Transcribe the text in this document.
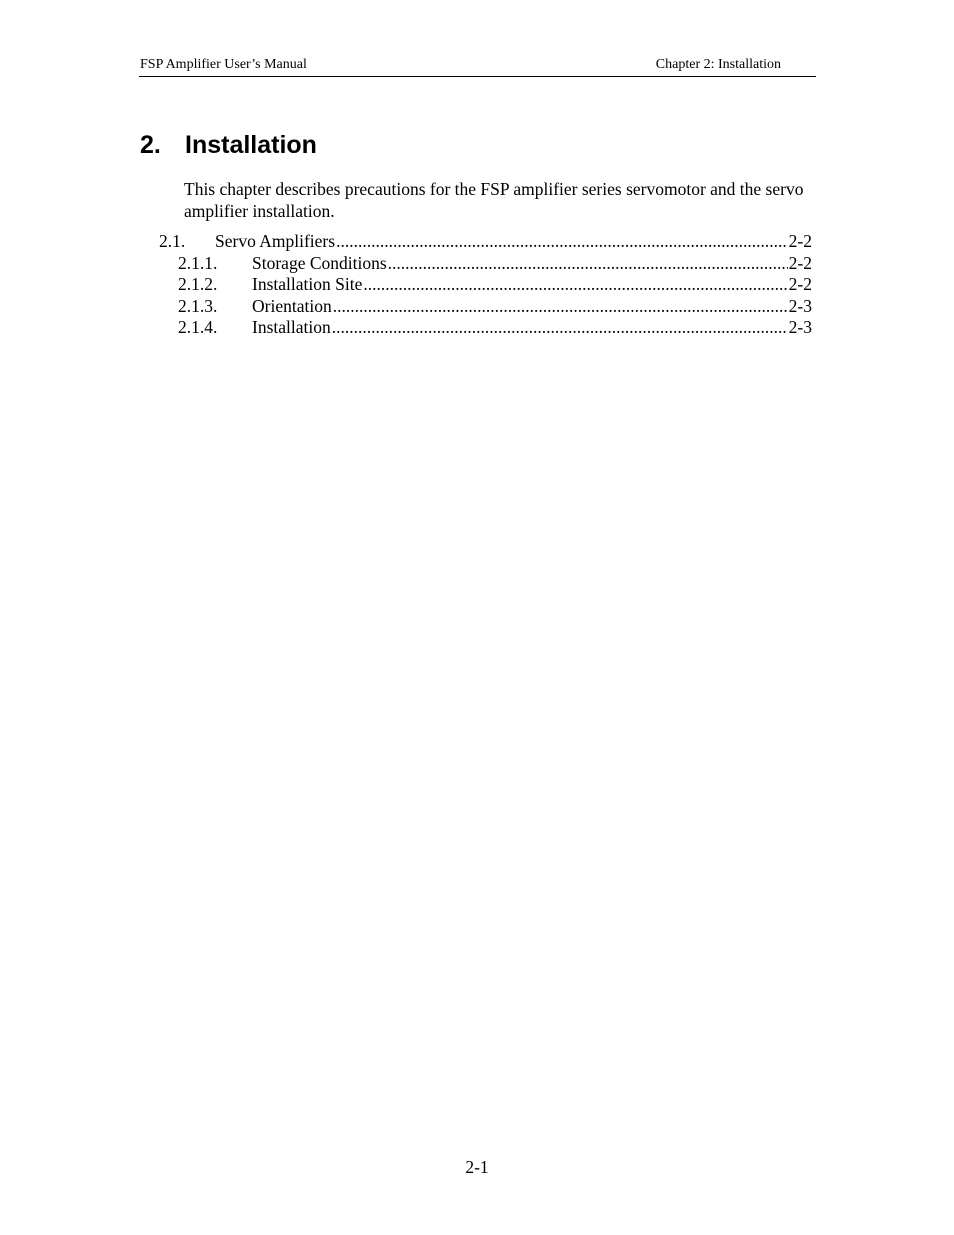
FSP Amplifier User’s Manual	Chapter 2: Installation
2. Installation

This chapter describes precautions for the FSP amplifier series servomotor and the servo amplifier installation.

2.1. Servo Amplifiers .....	2-2
2.1.1. Storage Conditions .....	2-2
2.1.2. Installation Site .....	2-2
2.1.3. Orientation .....	2-3
2.1.4. Installation .....	2-3
2-1
